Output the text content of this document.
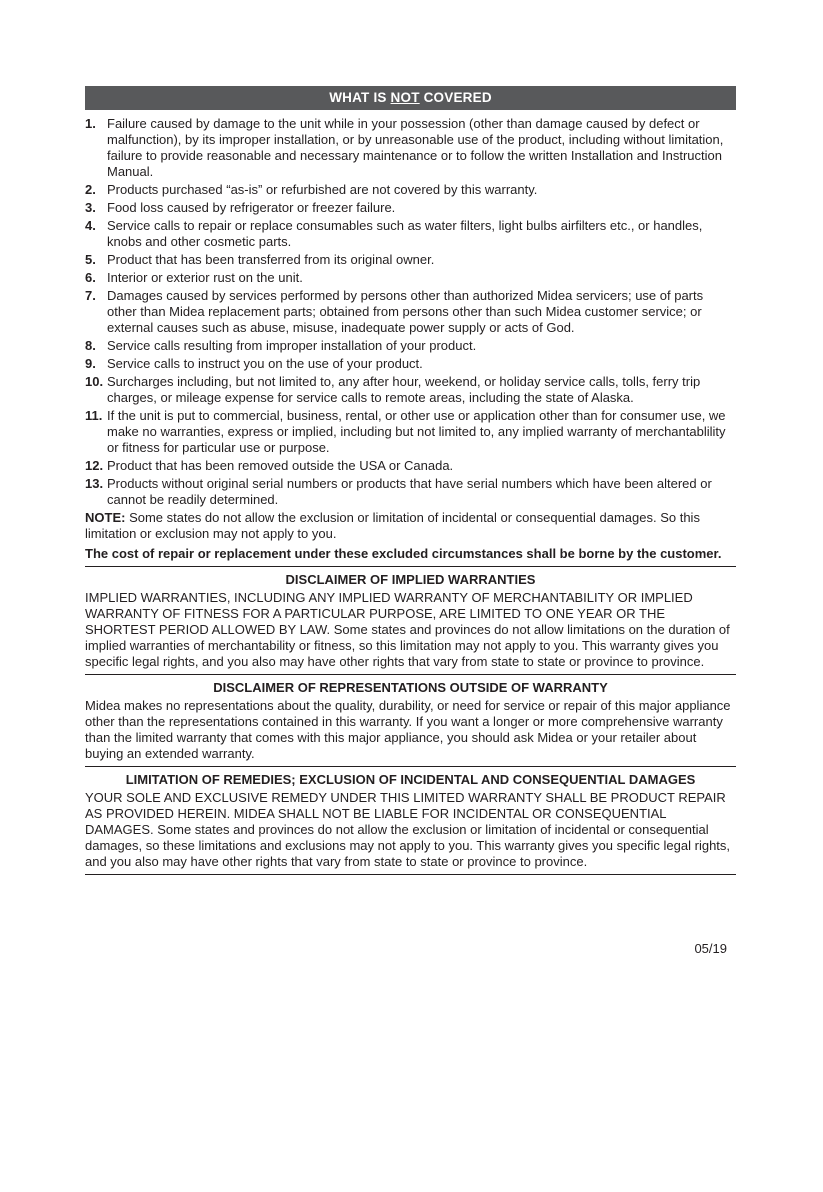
WHAT IS NOT COVERED
1. Failure caused by damage to the unit while in your possession (other than damage caused by defect or malfunction), by its improper installation, or by unreasonable use of the product, including without limitation, failure to provide reasonable and necessary maintenance or to follow the written Installation and Instruction Manual.
2. Products purchased “as-is” or refurbished are not covered by this warranty.
3. Food loss caused by refrigerator or freezer failure.
4. Service calls to repair or replace consumables such as water filters, light bulbs airfilters etc., or handles, knobs and other cosmetic parts.
5. Product that has been transferred from its original owner.
6. Interior or exterior rust on the unit.
7. Damages caused by services performed by persons other than authorized Midea servicers; use of parts other than Midea replacement parts; obtained from persons other than such Midea customer service; or external causes such as abuse, misuse, inadequate power supply or acts of God.
8. Service calls resulting from improper installation of your product.
9. Service calls to instruct you on the use of your product.
10. Surcharges including, but not limited to, any after hour, weekend, or holiday service calls, tolls, ferry trip charges, or mileage expense for service calls to remote areas, including the state of Alaska.
11. If the unit is put to commercial, business, rental, or other use or application other than for consumer use, we make no warranties, express or implied, including but not limited to, any implied warranty of merchantablility or fitness for particular use or purpose.
12. Product that has been removed outside the USA or Canada.
13. Products without original serial numbers or products that have serial numbers which have been altered or cannot be readily determined.
NOTE: Some states do not allow the exclusion or limitation of incidental or consequential damages. So this limitation or exclusion may not apply to you.
The cost of repair or replacement under these excluded circumstances shall be borne by the customer.
DISCLAIMER OF IMPLIED WARRANTIES
IMPLIED WARRANTIES, INCLUDING ANY IMPLIED WARRANTY OF MERCHANTABILITY OR IMPLIED WARRANTY OF FITNESS FOR A PARTICULAR PURPOSE, ARE LIMITED TO ONE YEAR OR THE SHORTEST PERIOD ALLOWED BY LAW. Some states and provinces do not allow limitations on the duration of implied warranties of merchantability or fitness, so this limitation may not apply to you. This warranty gives you specific legal rights, and you also may have other rights that vary from state to state or province to province.
DISCLAIMER OF REPRESENTATIONS OUTSIDE OF WARRANTY
Midea makes no representations about the quality, durability, or need for service or repair of this major appliance other than the representations contained in this warranty. If you want a longer or more comprehensive warranty than the limited warranty that comes with this major appliance, you should ask Midea or your retailer about buying an extended warranty.
LIMITATION OF REMEDIES; EXCLUSION OF INCIDENTAL AND CONSEQUENTIAL DAMAGES
YOUR SOLE AND EXCLUSIVE REMEDY UNDER THIS LIMITED WARRANTY SHALL BE PRODUCT REPAIR AS PROVIDED HEREIN. MIDEA SHALL NOT BE LIABLE FOR INCIDENTAL OR CONSEQUENTIAL DAMAGES. Some states and provinces do not allow the exclusion or limitation of incidental or consequential damages, so these limitations and exclusions may not apply to you. This warranty gives you specific legal rights, and you also may have other rights that vary from state to state or province to province.
05/19
